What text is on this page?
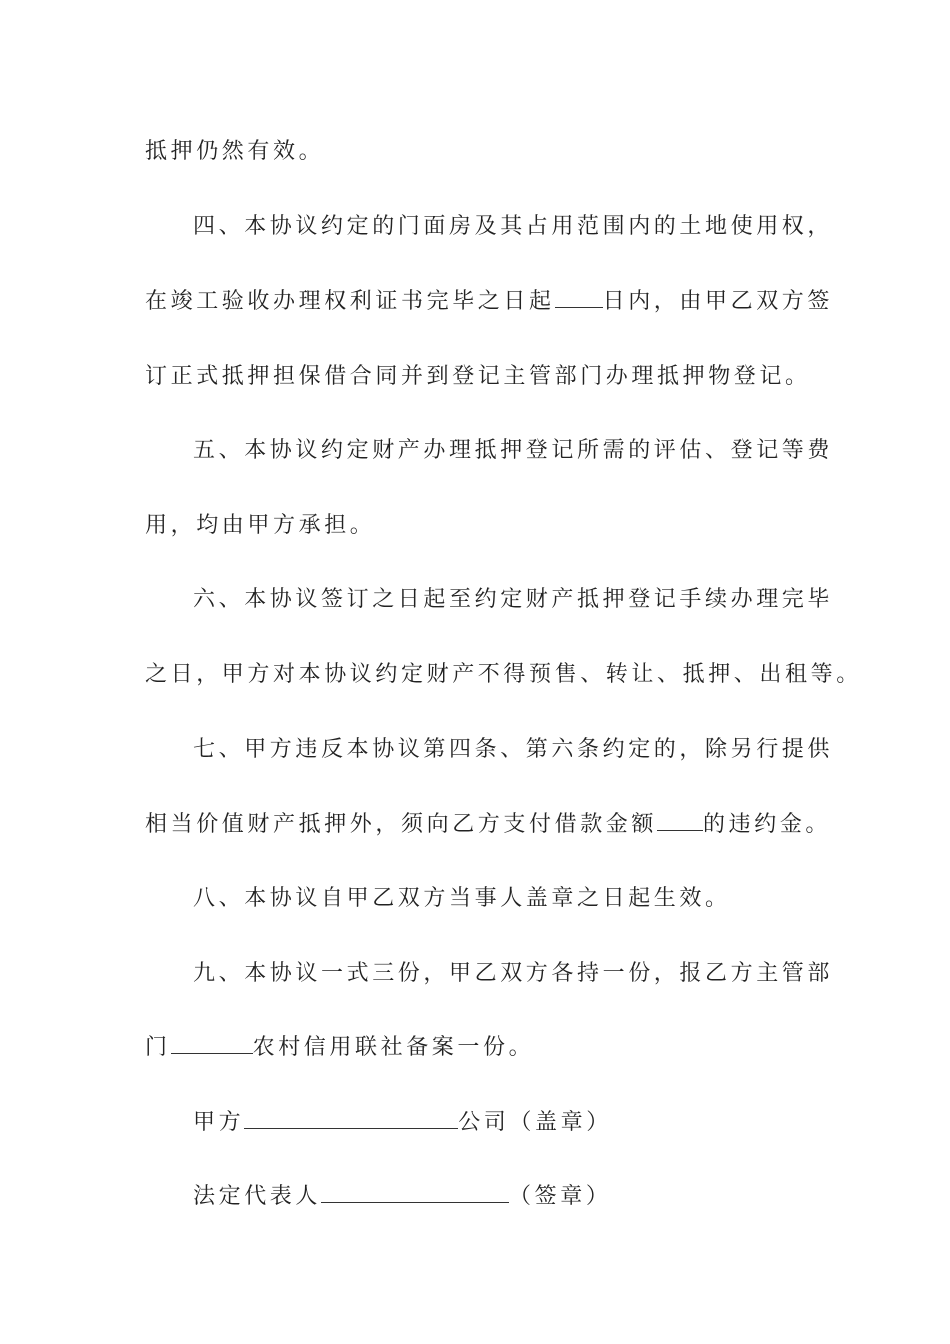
抵押仍然有效。
四、本协议约定的门面房及其占用范围内的土地使用权，
在竣工验收办理权利证书完毕之日起 日内，由甲乙双方签
订正式抵押担保借合同并到登记主管部门办理抵押物登记。
五、本协议约定财产办理抵押登记所需的评估、登记等费
用，均由甲方承担。
六、本协议签订之日起至约定财产抵押登记手续办理完毕
之日，甲方对本协议约定财产不得预售、转让、抵押、出租等。
七、甲方违反本协议第四条、第六条约定的，除另行提供
相当价值财产抵押外，须向乙方支付借款金额 的违约金。
八、本协议自甲乙双方当事人盖章之日起生效。
九、本协议一式三份，甲乙双方各持一份，报乙方主管部
门	农村信用联社备案一份。
甲方	公司（盖章）
法定代表人	（签章）
